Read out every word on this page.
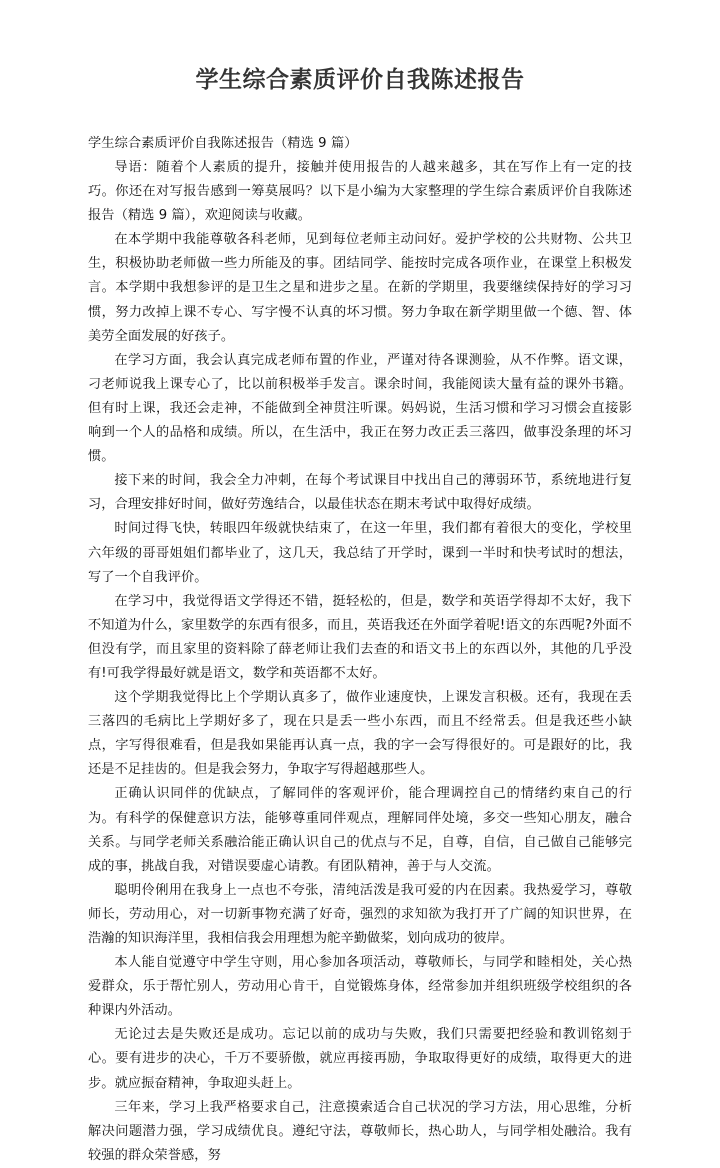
学生综合素质评价自我陈述报告
学生综合素质评价自我陈述报告（精选 9 篇）

导语：随着个人素质的提升，接触并使用报告的人越来越多，其在写作上有一定的技巧。你还在对写报告感到一筹莫展吗？以下是小编为大家整理的学生综合素质评价自我陈述报告（精选 9 篇），欢迎阅读与收藏。

在本学期中我能尊敬各科老师，见到每位老师主动问好。爱护学校的公共财物、公共卫生，积极协助老师做一些力所能及的事。团结同学、能按时完成各项作业，在课堂上积极发言。本学期中我想参评的是卫生之星和进步之星。在新的学期里，我要继续保持好的学习习惯，努力改掉上课不专心、写字慢不认真的坏习惯。努力争取在新学期里做一个德、智、体美劳全面发展的好孩子。

在学习方面，我会认真完成老师布置的作业，严谨对待各课测验，从不作弊。语文课，刁老师说我上课专心了，比以前积极举手发言。课余时间，我能阅读大量有益的课外书籍。但有时上课，我还会走神，不能做到全神贯注听课。妈妈说，生活习惯和学习习惯会直接影响到一个人的品格和成绩。所以，在生活中，我正在努力改正丢三落四，做事没条理的坏习惯。

接下来的时间，我会全力冲刺，在每个考试课目中找出自己的薄弱环节，系统地进行复习，合理安排好时间，做好劳逸结合，以最佳状态在期末考试中取得好成绩。

时间过得飞快，转眼四年级就快结束了，在这一年里，我们都有着很大的变化，学校里六年级的哥哥姐姐们都毕业了，这几天，我总结了开学时，课到一半时和快考试时的想法，写了一个自我评价。

在学习中，我觉得语文学得还不错，挺轻松的，但是，数学和英语学得却不太好，我下不知道为什么，家里数学的东西有很多，而且，英语我还在外面学着呢!语文的东西呢?外面不但没有学，而且家里的资料除了薛老师让我们去查的和语文书上的东西以外，其他的几乎没有!可我学得最好就是语文，数学和英语都不太好。

这个学期我觉得比上个学期认真多了，做作业速度快，上课发言积极。还有，我现在丢三落四的毛病比上学期好多了，现在只是丢一些小东西，而且不经常丢。但是我还些小缺点，字写得很难看，但是我如果能再认真一点，我的字一会写得很好的。可是跟好的比，我还是不足挂齿的。但是我会努力，争取字写得超越那些人。

正确认识同伴的优缺点，了解同伴的客观评价，能合理调控自己的情绪约束自己的行为。有科学的保健意识方法，能够尊重同伴观点，理解同伴处境，多交一些知心朋友，融合关系。与同学老师关系融洽能正确认识自己的优点与不足，自尊，自信，自己做自己能够完成的事，挑战自我，对错误要虚心请教。有团队精神，善于与人交流。

聪明伶俐用在我身上一点也不夸张，清纯活泼是我可爱的内在因素。我热爱学习，尊敬师长，劳动用心，对一切新事物充满了好奇，强烈的求知欲为我打开了广阔的知识世界，在浩瀚的知识海洋里，我相信我会用理想为舵辛勤做桨，划向成功的彼岸。

本人能自觉遵守中学生守则，用心参加各项活动，尊敬师长，与同学和睦相处，关心热爱群众，乐于帮忙别人，劳动用心肯干，自觉锻炼身体，经常参加并组织班级学校组织的各种课内外活动。

无论过去是失败还是成功。忘记以前的成功与失败，我们只需要把经验和教训铭刻于心。要有进步的决心，千万不要骄傲，就应再接再励，争取取得更好的成绩，取得更大的进步。就应振奋精神，争取迎头赶上。

三年来，学习上我严格要求自己，注意摸索适合自己状况的学习方法，用心思维，分析解决问题潜力强，学习成绩优良。遵纪守法，尊敬师长，热心助人，与同学相处融洽。我有较强的群众荣誉感，努
